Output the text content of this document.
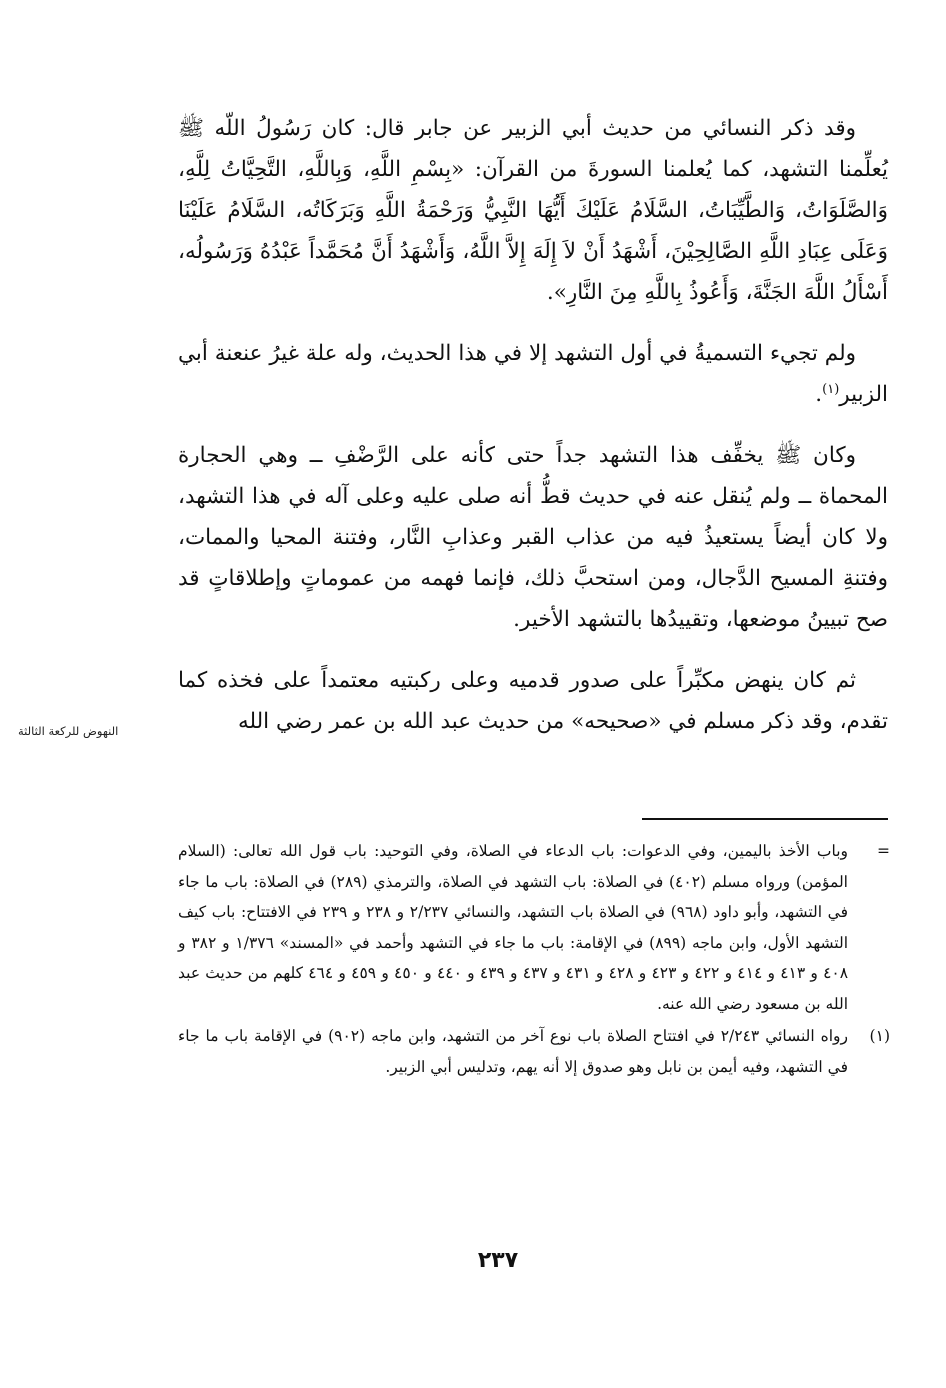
وقد ذكر النسائي من حديث أبي الزبير عن جابر قال: كان رَسُولُ اللّه ﷺ يُعلِّمنا التشهد، كما يُعلمنا السورةَ من القرآن: «بِسْمِ اللَّهِ، وَبِاللَّهِ، التَّحِيَّاتُ لِلَّهِ، وَالصَّلَوَاتُ، وَالطَّيِّبَاتُ، السَّلَامُ عَلَيْكَ أَيُّهَا النَّبِيُّ وَرَحْمَةُ اللَّهِ وَبَرَكَاتُه، السَّلَامُ عَلَيْنَا وَعَلَى عِبَادِ اللَّهِ الصَّالِحِيْنَ، أَشْهَدُ أَنْ لاَ إِلَهَ إِلاَّ اللَّهُ، وَأَشْهَدُ أَنَّ مُحَمَّداً عَبْدُهُ وَرَسُولُه، أَسْأَلُ اللَّهَ الجَنَّةَ، وَأَعُوذُ بِاللَّهِ مِنَ النَّارِ».

ولم تجيء التسميةُ في أول التشهد إلا في هذا الحديث، وله علة غيرُ عنعنة أبي الزبير$^{(١)}$.

وكان ﷺ يخفِّف هذا التشهد جداً حتى كأنه على الرَّضْفِ ــ وهي الحجارة المحماة ــ ولم يُنقل عنه في حديث قطُّ أنه صلى عليه وعلى آله في هذا التشهد، ولا كان أيضاً يستعيذُ فيه من عذاب القبر وعذابِ النَّار، وفتنة المحيا والممات، وفتنةِ المسيح الدَّجال، ومن استحبَّ ذلك، فإنما فهمه من عموماتٍ وإطلاقاتٍ قد صح تبيينُ موضعها، وتقييدُها بالتشهد الأخير.

ثم كان ينهض مكبِّراً على صدور قدميه وعلى ركبتيه معتمداً على فخذه كما تقدم، وقد ذكر مسلم في «صحيحه» من حديث عبد الله بن عمر رضي الله

النهوض للركعة الثالثة
=
وباب الأخذ باليمين، وفي الدعوات: باب الدعاء في الصلاة، وفي التوحيد: باب قول الله تعالى: (السلام المؤمن) ورواه مسلم (٤٠٢) في الصلاة: باب التشهد في الصلاة، والترمذي (٢٨٩) في الصلاة: باب ما جاء في التشهد، وأبو داود (٩٦٨) في الصلاة باب التشهد، والنسائي ٢/٢٣٧ و ٢٣٨ و ٢٣٩ في الافتتاح: باب كيف التشهد الأول، وابن ماجه (٨٩٩) في الإقامة: باب ما جاء في التشهد وأحمد في «المسند» ١/٣٧٦ و ٣٨٢ و ٤٠٨ و ٤١٣ و ٤١٤ و ٤٢٢ و ٤٢٣ و ٤٢٨ و ٤٣١ و ٤٣٧ و ٤٣٩ و ٤٤٠ و ٤٥٠ و ٤٥٩ و ٤٦٤ كلهم من حديث عبد الله بن مسعود رضي الله عنه.
(١)
رواه النسائي ٢/٢٤٣ في افتتاح الصلاة باب نوع آخر من التشهد، وابن ماجه (٩٠٢) في الإقامة باب ما جاء في التشهد، وفيه أيمن بن نابل وهو صدوق إلا أنه يهم، وتدليس أبي الزبير.
٢٣٧
